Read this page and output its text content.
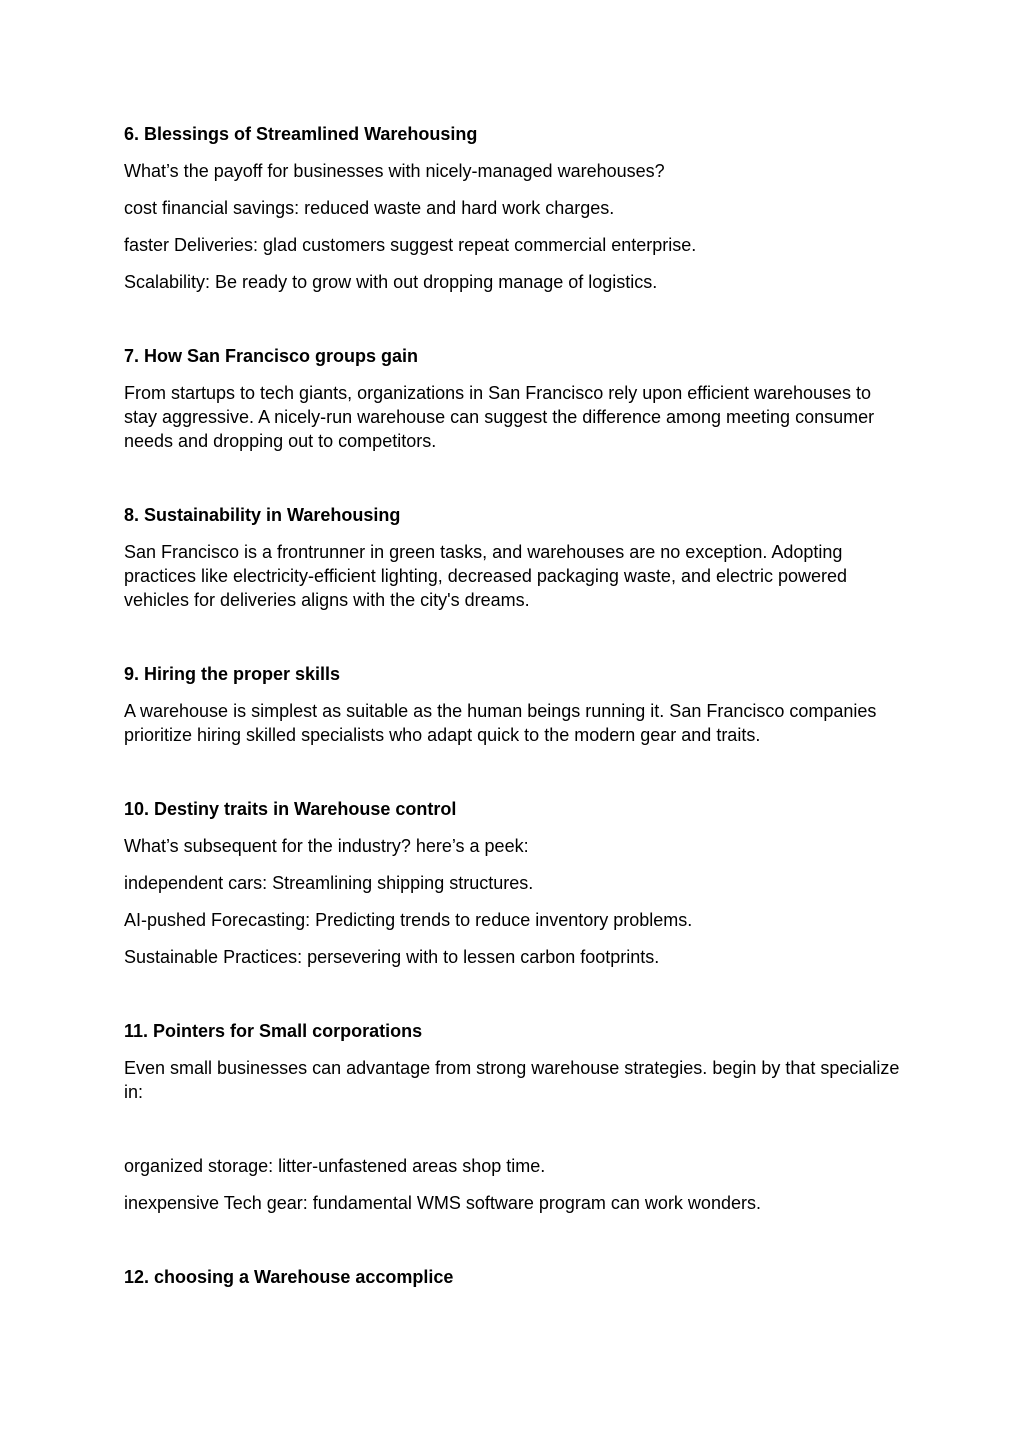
6. Blessings of Streamlined Warehousing
What’s the payoff for businesses with nicely-managed warehouses?
cost financial savings: reduced waste and hard work charges.
faster Deliveries: glad customers suggest repeat commercial enterprise.
Scalability: Be ready to grow with out dropping manage of logistics.
7. How San Francisco groups gain
From startups to tech giants, organizations in San Francisco rely upon efficient warehouses to stay aggressive. A nicely-run warehouse can suggest the difference among meeting consumer needs and dropping out to competitors.
8. Sustainability in Warehousing
San Francisco is a frontrunner in green tasks, and warehouses are no exception. Adopting practices like electricity-efficient lighting, decreased packaging waste, and electric powered vehicles for deliveries aligns with the city's dreams.
9. Hiring the proper skills
A warehouse is simplest as suitable as the human beings running it. San Francisco companies prioritize hiring skilled specialists who adapt quick to the modern gear and traits.
10. Destiny traits in Warehouse control
What’s subsequent for the industry? here’s a peek:
independent cars: Streamlining shipping structures.
AI-pushed Forecasting: Predicting trends to reduce inventory problems.
Sustainable Practices: persevering with to lessen carbon footprints.
11. Pointers for Small corporations
Even small businesses can advantage from strong warehouse strategies. begin by that specialize in:
organized storage: litter-unfastened areas shop time.
inexpensive Tech gear: fundamental WMS software program can work wonders.
12. choosing a Warehouse accomplice
